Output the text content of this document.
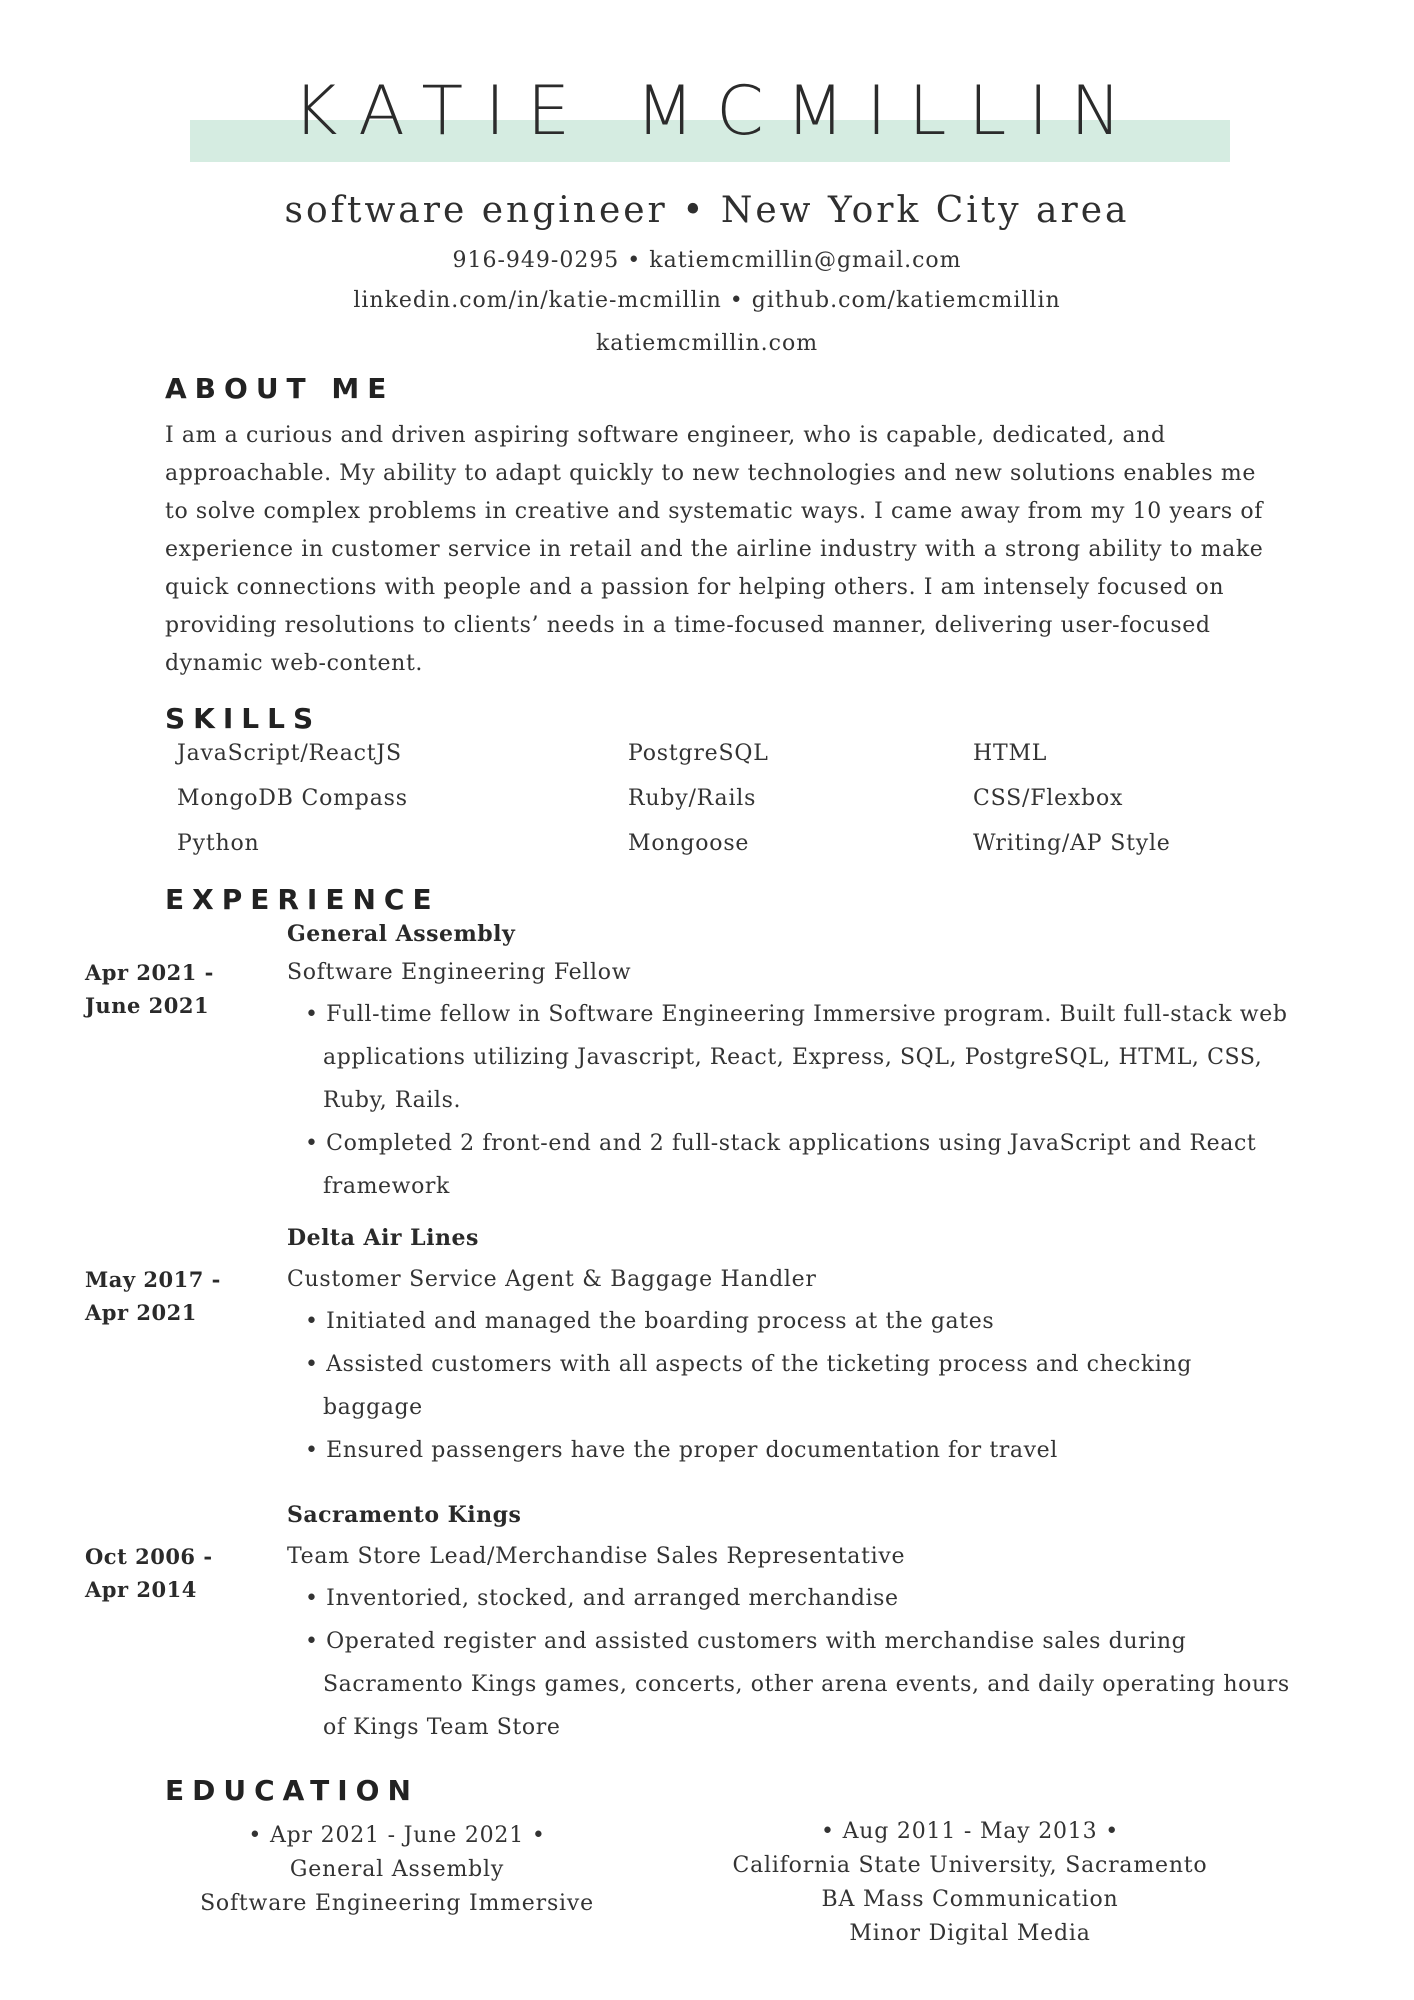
KATIE MCMILLIN
software engineer • New York City area
916-949-0295 • katiemcmillin@gmail.com
linkedin.com/in/katie-mcmillin • github.com/katiemcmillin
katiemcmillin.com
ABOUT ME
I am a curious and driven aspiring software engineer, who is capable, dedicated, and approachable. My ability to adapt quickly to new technologies and new solutions enables me to solve complex problems in creative and systematic ways. I came away from my 10 years of experience in customer service in retail and the airline industry with a strong ability to make quick connections with people and a passion for helping others. I am intensely focused on providing resolutions to clients’ needs in a time-focused manner, delivering user-focused dynamic web-content.
SKILLS
JavaScript/ReactJS
MongoDB Compass
Python
PostgreSQL
Ruby/Rails
Mongoose
HTML
CSS/Flexbox
Writing/AP Style
EXPERIENCE
General Assembly
Apr 2021 -
June 2021
Software Engineering Fellow
• Full-time fellow in Software Engineering Immersive program. Built full-stack web applications utilizing Javascript, React, Express, SQL, PostgreSQL, HTML, CSS, Ruby, Rails.
• Completed 2 front-end and 2 full-stack applications using JavaScript and React framework
Delta Air Lines
May 2017 -
Apr 2021
Customer Service Agent & Baggage Handler
• Initiated and managed the boarding process at the gates
• Assisted customers with all aspects of the ticketing process and checking baggage
• Ensured passengers have the proper documentation for travel
Sacramento Kings
Oct 2006 -
Apr 2014
Team Store Lead/Merchandise Sales Representative
• Inventoried, stocked, and arranged merchandise
• Operated register and assisted customers with merchandise sales during Sacramento Kings games, concerts, other arena events, and daily operating hours of Kings Team Store
EDUCATION
• Apr 2021 - June 2021 •
General Assembly
Software Engineering Immersive
• Aug 2011 - May 2013 •
California State University, Sacramento
BA Mass Communication
Minor Digital Media
